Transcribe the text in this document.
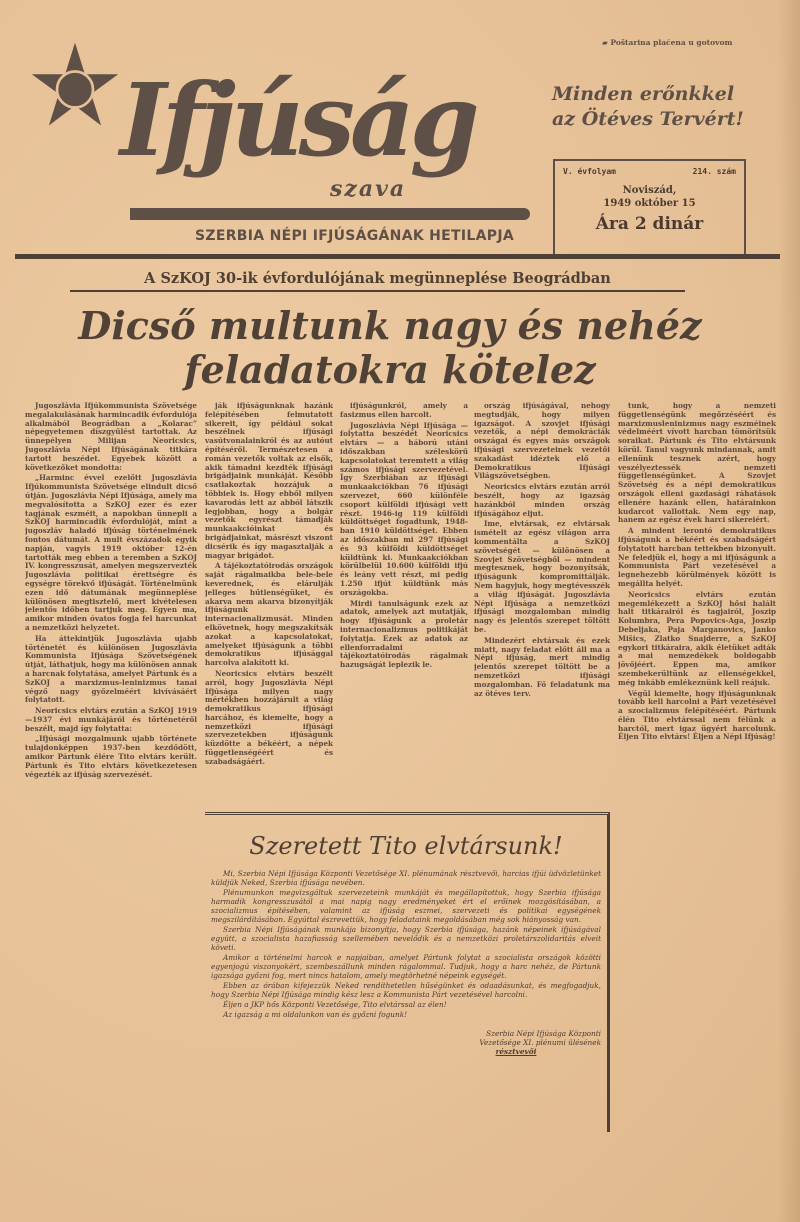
Ifjúság
szava
SZERBIA NÉPI IFJÚSÁGÁNAK HETILAPJA
▰ Poštarina plaćena u gotovom
Minden erőnkkel
az Ötéves Tervért!
V. évfolyam	214. szám
Noviszád,
1949 október 15
Ára 2 dinár
A SzKOJ 30-ik évfordulójának megünneplése Beográdban
Dicső multunk nagy és nehéz
feladatokra kötelez

Jugoszlávia Ifjúkommunista Szövetsége megalakulásának harmincadik évfordulója alkalmából Beográdban a „Kolarac” népegyetemen díszgyűlést tartottak. Az ünnepélyen Milijan Neoricsics, Jugoszlávia Népi Ifjúságának titkára tartott beszédet. Egyebek között a következőket mondotta:

„Harminc évvel ezelőtt Jugoszlávia Ifjúkommunista Szövetsége elindult dicső útján. Jugoszlávia Népi Ifjúsága, amely ma megvalósította a SzKOJ ezer és ezer tagjának eszméit, a napokban ünnepli a SzKOJ harmincadik évfordulóját, mint a jugoszláv haladó ifjúság történelmének fontos dátumát. A mult évszázadok egyik napján, vagyis 1919 október 12-én tartották meg ebben a teremben a SzKOJ IV. kongresszusát, amelyen megszervezték Jugoszlávia politikai érettségre és egységre törekvő ifjúságát. Történelmünk ezen idő dátumának megünneplése különösen megtisztelő, mert kivételesen jelentős időben tartjuk meg. Egyen ma, amikor minden óvatos fogja fel harcunkat a nemzetközi helyzetet.

Ha áttekintjük Jugoszlávia ujabb történetét és különösen Jugoszlávia Kommunista Ifjúsága Szövetségének útját, láthatjuk, hogy ma különösen annak a harcnak folytatása, amelyet Pártunk és a SzKOJ a marxizmus-leninizmus tanai végző nagy győzelméért kivívásáért folytatott.

Neoricsics elvtárs ezután a SzKOJ 1919—1937 évi munkájáról és történetéről beszélt, majd így folytatta:

„Ifjúsági mozgalmunk ujabb története tulajdonképpen 1937-ben kezdődött, amikor Pártunk élére Tito elvtárs került. Pártunk és Tito elvtárs következetesen végezték az ifjúság szervezését.

ják ifjúságunknak hazánk felépítésében felmutatott sikereit, így például sokat beszélnek ifjúsági vasútvonalainkról és az autóut építéséről. Természetesen a román vezetők voltak az elsők, akik támadni kezdték ifjúsági brigádjaink munkáját. Később csatlakoztak hozzájuk a többiek is. Hogy ebből milyen kavarodás lett az abból látszik legjobban, hogy a bolgár vezetők egyrészt támadják munkaakcióinkat és brigádjainkat, másrészt viszont dicsérik és így magasztalják a magyar brigádot.

A tájékoztatóirodás országok saját rágalmaikba bele-bele keverednek, és elárulják jelleges hűtlenségüket, és akarva nem akarva bizonyítják ifjúságunk internacionalizmusát. Minden elkövetnek, hogy megszakítsák azokat a kapcsolatokat, amelyeket ifjúságunk a többi demokratikus ifjúsággal harcolva alakított ki.

Neoricsics elvtárs beszélt arról, hogy Jugoszlávia Népi Ifjúsága milyen nagy mértékben hozzájárult a világ demokratikus ifjúsági harcához, és kiemelte, hogy a nemzetközi ifjúsági szervezetekben ifjúságunk küzdötte a békéért, a népek függetlenségéért és szabadságáért.

ifjúságunkról, amely a fasizmus ellen harcolt.

Jugoszlávia Népi Ifjúsága — folytatta beszédét Neoricsics elvtárs — a háború utáni időszakban széleskörű kapcsolatokat teremtett a világ számos ifjúsági szervezetével. Így Szerbiában az ifjúsági munkaakciókban 76 ifjúsági szervezet, 660 különféle csoport külföldi ifjúsági vett részt. 1946-ig 119 külföldi küldöttséget fogadtunk, 1948-ban 1910 küldöttséget. Ebben az időszakban mi 297 ifjúsági és 93 külföldi küldöttséget küldtünk ki. Munkaakciókban körülbelül 10.600 külföldi ifjú és leány vett részt, mi pedig 1.250 ifjút küldtünk más országokba.

Mirdi tanulságunk ezek az adatok, amelyek azt mutatják, hogy ifjúságunk a proletár internacionalizmus politikáját folytatja. Ezek az adatok az ellenforradalmi tájékoztatóirodás rágalmak hazugságát leplezik le.

ország ifjúságával, nehogy megtudják, hogy milyen igazságot. A szovjet ifjúsági vezetők, a népi demokráciák országai és egyes más országok ifjúsági szervezeteinek vezetői szakadást idéztek elő a Demokratikus Ifjúsági Világszövetségben.

Neoricsics elvtárs ezután arról beszélt, hogy az igazság hazánkból minden ország ifjúságához eljut.

Ime, elvtársak, ez elvtársak ismételt az egész világon arra kommentálta a SzKOJ szövetségét — különösen a Szovjet Szövetségből — mindent megtesznek, hogy bozonyítsák, ifjúságunk kompromittálják. Nem hagyjuk, hogy megtévesszék a világ ifjúságát. Jugoszlávia Népi Ifjúsága a nemzetközi ifjúsági mozgalomban mindig nagy és jelentős szerepet töltött be.

Mindezért elvtársak és ezek miatt, nagy feladat előtt áll ma a Népi ifjúság, mert mindig jelentős szerepet töltött be a nemzetközi ifjúsági mozgalomban. Fő feladatunk ma az ötéves terv.

tunk, hogy a nemzeti függetlenségünk megőrzéséért és marxizmusleninizmus nagy eszméinek védelméért vívott harcban tömörítsük soraikat. Pártunk és Tito elvtársunk körül. Tanul vagyunk mindannak, amit ellenünk tesznek azért, hogy veszélyeztessék nemzeti függetlenségünket. A Szovjet Szövetség és a népi demokratikus országok elleni gazdasági ráhatások ellenére hazánk ellen, határainkon kudarcot vallottak. Nem egy nap, hanem az egész évek harci sikereiért.

A mindent lerontó demokratikus ifjúságunk a békéért és szabadságért folytatott harcban tettekben bizonyult. Ne feledjük el, hogy a mi ifjúságunk a Kommunista Párt vezetésével a legnehezebb körülmények között is megállta helyét.

Neoricsics elvtárs ezután megemlékezett a SzKOJ hősi halált halt titkárairól és tagjairól, Joszip Kolumbra, Pera Popovics-Aga, Joszip Debeljaka, Paja Marganovics, Janko Mišics, Zlatko Snajderre, a SzKOJ egykori titkáraira, akik életüket adták a mai nemzedékek boldogabb jövőjéért. Eppen ma, amikor szembekerültünk az ellenségekkel, még inkább emlékeznünk kell reájuk.

Végül kiemelte, hogy ifjúságunknak tovább kell harcolni a Párt vezetésével a szocializmus felépítéséért. Pártunk élén Tito elvtárssal nem félünk a harctól, mert igaz ügyért harcolunk. Éljen Tito elvtárs! Éljen a Népi Ifjúság!

Szeretett Tito elvtársunk!

Mi, Szerbia Népi Ifjúsága Központi Vezetősége XI. plénumának résztvevői, harcias ifjúi üdvözletünket küldjük Neked, Szerbia ifjúsága nevében.

Plénumunkon megvizsgáltuk szervezeteink munkáját és megállapítottuk, hogy Szerbia ifjúsága harmadik kongresszusától a mai napig nagy eredményeket ért el erőinek mozgósításában, a szocializmus építésében, valamint az ifjúság eszmei, szervezeti és politikai egységének megszilárdításában. Egyúttal észrevettük, hogy feladataink megoldásában még sok hiányosság van.

Szerbia Népi Ifjúságának munkája bizonyítja, hogy Szerbia ifjúsága, hazánk népeinek ifjúságával együtt, a szocialista hazafiasság szellemében nevelődik és a nemzetközi proletárszolidaritás elveit követi.

Amikor a történelmi harcok e napjaiban, amelyet Pártunk folytat a szocialista országok közötti egyenjogú viszonyokért, szembeszállunk minden rágalommal. Tudjuk, hogy a harc nehéz, de Pártunk igazsága győzni fog, mert nincs hatalom, amely megtörhetné népeink egységét.

Ebben az órában kifejezzük Neked rendíthetetlen hűségünket és odaadásunkat, és megfogadjuk, hogy Szerbia Népi Ifjúsága mindig kész lesz a Kommunista Párt vezetésével harcolni.

Éljen a JKP hős Központi Vezetősége, Tito elvtárssal az élen!

Az igazság a mi oldalunkon van és győzni fogunk!

Szerbia Népi Ifjúsága Központi
Vezetősége XI. plénumi ülésének
résztvevői
